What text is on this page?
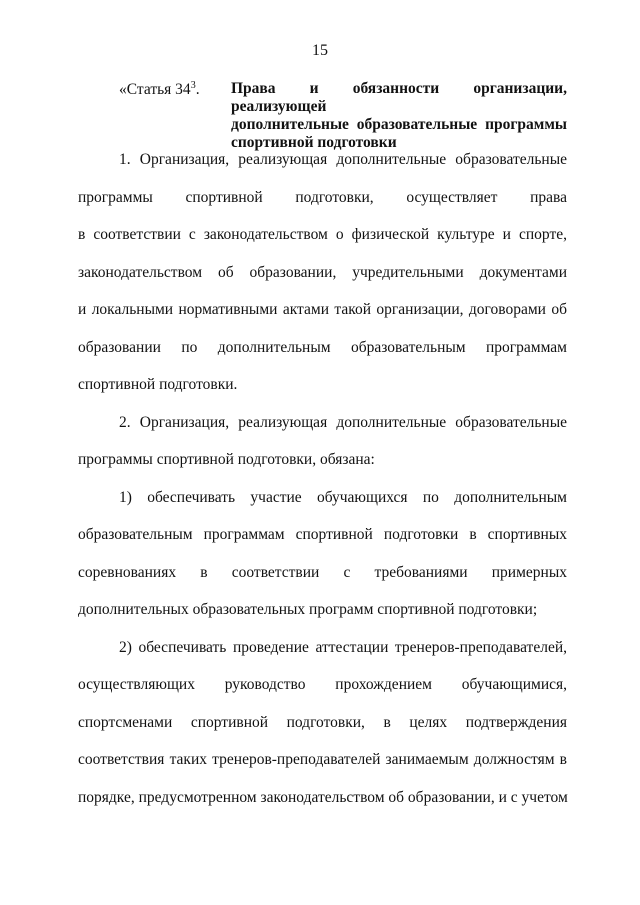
15
«Статья $34^3$. Права и обязанности организации, реализующей
дополнительные образовательные программы
спортивной подготовки
1. Организация, реализующая дополнительные образовательные
программы спортивной подготовки, осуществляет права
в соответствии с законодательством о физической культуре и спорте,
законодательством об образовании, учредительными документами
и локальными нормативными актами такой организации, договорами об
образовании по дополнительным образовательным программам
спортивной подготовки.
2. Организация, реализующая дополнительные образовательные
программы спортивной подготовки, обязана:
1) обеспечивать участие обучающихся по дополнительным
образовательным программам спортивной подготовки в спортивных
соревнованиях в соответствии с требованиями примерных
дополнительных образовательных программ спортивной подготовки;
2) обеспечивать проведение аттестации тренеров-преподавателей,
осуществляющих руководство прохождением обучающимися,
спортсменами спортивной подготовки, в целях подтверждения
соответствия таких тренеров-преподавателей занимаемым должностям в
порядке, предусмотренном законодательством об образовании, и с учетом
